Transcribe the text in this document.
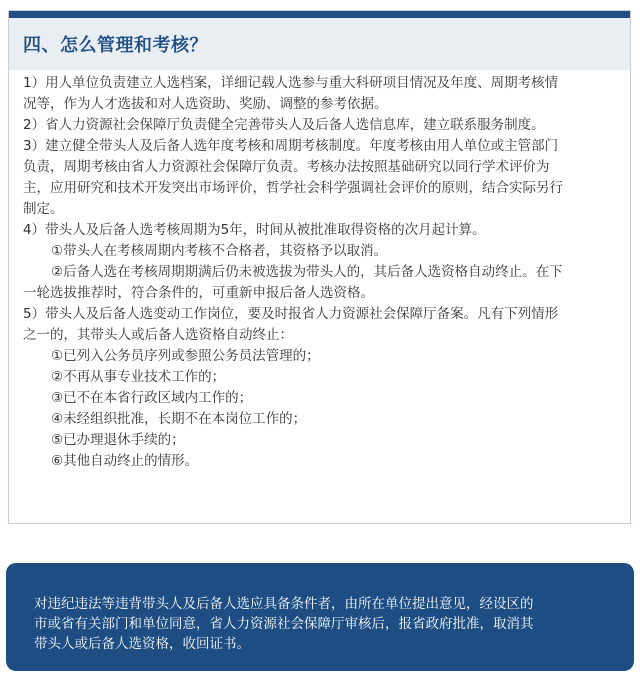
四、怎么管理和考核？
1）用人单位负责建立人选档案，详细记载人选参与重大科研项目情况及年度、周期考核情
况等，作为人才选拔和对人选资助、奖励、调整的参考依据。
2）省人力资源社会保障厅负责健全完善带头人及后备人选信息库，建立联系服务制度。
3）建立健全带头人及后备人选年度考核和周期考核制度。年度考核由用人单位或主管部门
负责，周期考核由省人力资源社会保障厅负责。考核办法按照基础研究以同行学术评价为
主，应用研究和技术开发突出市场评价，哲学社会科学强调社会评价的原则，结合实际另行
制定。
4）带头人及后备人选考核周期为5年，时间从被批准取得资格的次月起计算。
①带头人在考核周期内考核不合格者，其资格予以取消。
②后备人选在考核周期期满后仍未被选拔为带头人的，其后备人选资格自动终止。在下
一轮选拔推荐时，符合条件的，可重新申报后备人选资格。
5）带头人及后备人选变动工作岗位，要及时报省人力资源社会保障厅备案。凡有下列情形
之一的，其带头人或后备人选资格自动终止：
①已列入公务员序列或参照公务员法管理的；
②不再从事专业技术工作的；
③已不在本省行政区域内工作的；
④未经组织批准，长期不在本岗位工作的；
⑤已办理退休手续的；
⑥其他自动终止的情形。
对违纪违法等违背带头人及后备人选应具备条件者，由所在单位提出意见，经设区的
市或省有关部门和单位同意，省人力资源社会保障厅审核后，报省政府批准，取消其
带头人或后备人选资格，收回证书。
